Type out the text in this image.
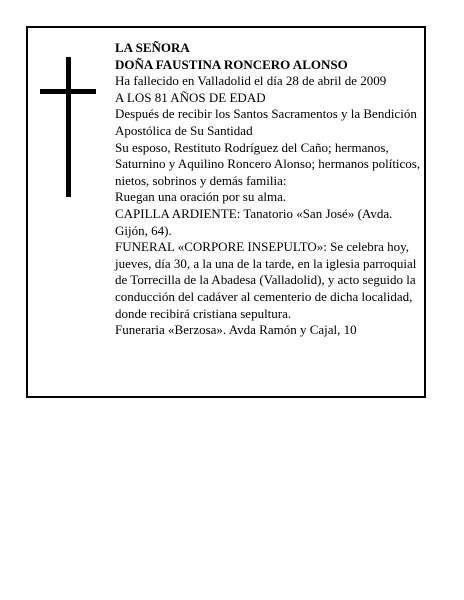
LA SEÑORA

DOÑA FAUSTINA RONCERO ALONSO

Ha fallecido en Valladolid el día 28 de abril de 2009

A LOS 81 AÑOS DE EDAD

Después de recibir los Santos Sacramentos y la Bendición Apostólica de Su Santidad

Su esposo, Restituto Rodríguez del Caño; hermanos, Saturnino y Aquilino Roncero Alonso; hermanos políticos, nietos, sobrinos y demás familia:

Ruegan una oración por su alma.

CAPILLA ARDIENTE: Tanatorio «San José» (Avda. Gijón, 64).

FUNERAL «CORPORE INSEPULTO»: Se celebra hoy, jueves, día 30, a la una de la tarde, en la iglesia parroquial de Torrecilla de la Abadesa (Valladolid), y acto seguido la conducción del cadáver al cementerio de dicha localidad, donde recibirá cristiana sepultura.

Funeraria «Berzosa». Avda Ramón y Cajal, 10
